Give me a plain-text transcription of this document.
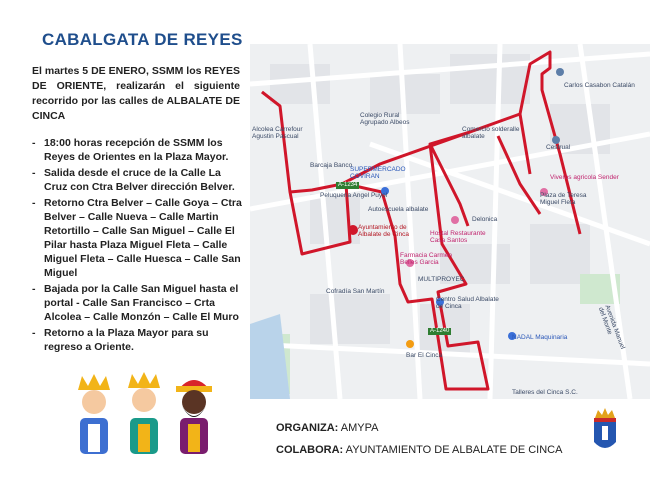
CABALGATA DE REYES
El martes 5 DE ENERO, SSMM los REYES DE ORIENTE, realizarán el siguiente recorrido por las calles de ALBALATE DE CINCA
- 18:00 horas recepción de SSMM los Reyes de Orientes en la Plaza Mayor.
- Salida desde el cruce de la Calle La Cruz con Ctra Belver dirección Belver.
- Retorno Ctra Belver – Calle Goya – Ctra Belver – Calle Nueva – Calle Martin Retortillo – Calle San Miguel – Calle El Pilar hasta Plaza Miguel Fleta – Calle Miguel Fleta – Calle Huesca – Calle San Miguel
- Bajada por la Calle San Miguel hasta el portal - Calle San Francisco – Crta Alcolea – Calle Monzón – Calle El Muro
- Retorno a la Plaza Mayor para su regreso a Oriente.
Colegio Rural Agrupado Albeos
Alcolea Carrefour Agustin Pascual
Barcaja Banco
SUPERMERCADO COVIRAN
Peluqueria Angel Puyol
Autoescuela albalate
Comercio solderalle albalate
Carlos Casabon Catalán
Cestrual
Viveros agricola Sender
Plaza de Teresa Miguel Fleta
Delonica
Ayuntamiento de Albalate de Cinca	Hostal Restaurante Casa Santos
Farmacia Carmen Belles Garcia
Cofradía San Martín
MULTIPROYEC
Centro Salud Albalate de Cinca
NADAL Maquinaria
Bar El Cinca
Talleres del Cinca S.C.
Avenida Manuel del Monte
A-1240
A-1234
ORGANIZA: AMYPA
COLABORA: AYUNTAMIENTO DE ALBALATE DE CINCA
